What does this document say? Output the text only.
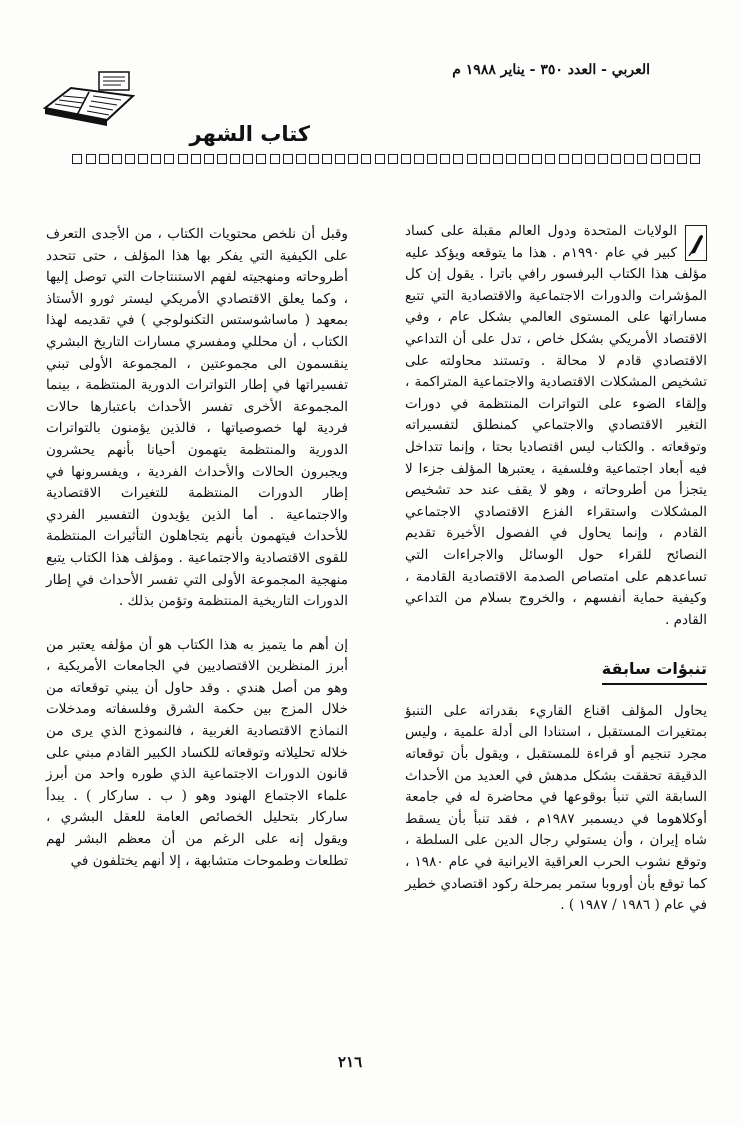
العربي - العدد ٣٥٠ - يناير ١٩٨٨ م
كتاب الشهر

الولايات المتحدة ودول العالم مقبلة على كساد كبير في عام ١٩٩٠م . هذا ما يتوقعه ويؤكد عليه مؤلف هذا الكتاب البرفسور رافي باترا . يقول إن كل المؤشرات والدورات الاجتماعية والاقتصادية التي تتبع مساراتها على المستوى العالمي بشكل عام ، وفي الاقتصاد الأمريكي بشكل خاص ، تدل على أن التداعي الاقتصادي قادم لا محالة . وتستند محاولته على تشخيص المشكلات الاقتصادية والاجتماعية المتراكمة ، وإلقاء الضوء على التواترات المنتظمة في دورات التغير الاقتصادي والاجتماعي كمنطلق لتفسيراته وتوقعاته . والكتاب ليس اقتصاديا بحتا ، وإنما تتداخل فيه أبعاد اجتماعية وفلسفية ، يعتبرها المؤلف جزءا لا يتجزأ من أطروحاته ، وهو لا يقف عند حد تشخيص المشكلات واستقراء الفزع الاقتصادي الاجتماعي القادم ، وإنما يحاول في الفصول الأخيرة تقديم النصائح للقراء حول الوسائل والاجراءات التي تساعدهم على امتصاص الصدمة الاقتصادية القادمة ، وكيفية حماية أنفسهم ، والخروج بسلام من التداعي القادم .

تنبؤات سابقة

يحاول المؤلف اقناع القاريء بقدراته على التنبؤ بمتغيرات المستقبل ، استنادا الى أدلة علمية ، وليس مجرد تنجيم أو قراءة للمستقبل ، ويقول بأن توقعاته الدقيقة تحققت بشكل مدهش في العديد من الأحداث السابقة التي تنبأ بوقوعها في محاضرة له في جامعة أوكلاهوما في ديسمبر ١٩٨٧م ، فقد تنبأ بأن يسقط شاه إيران ، وأن يستولي رجال الدين على السلطة ، وتوقع نشوب الحرب العراقية الايرانية في عام ١٩٨٠ ، كما توقع بأن أوروبا ستمر بمرحلة ركود اقتصادي خطير في عام ( ١٩٨٦ / ١٩٨٧ ) .

وقبل أن نلخص محتويات الكتاب ، من الأجدى التعرف على الكيفية التي يفكر بها هذا المؤلف ، حتى تتحدد أطروحاته ومنهجيته لفهم الاستنتاجات التي توصل إليها ، وكما يعلق الاقتصادي الأمريكي ليستر ثورو الأستاذ بمعهد ( ماساشوستس التكنولوجي ) في تقديمه لهذا الكتاب ، أن محللي ومفسري مسارات التاريخ البشري ينقسمون الى مجموعتين ، المجموعة الأولى تبني تفسيراتها في إطار التواترات الدورية المنتظمة ، بينما المجموعة الأخرى تفسر الأحداث باعتبارها حالات فردية لها خصوصياتها ، فالذين يؤمنون بالتواترات الدورية والمنتظمة يتهمون أحيانا بأنهم يحشرون ويجبرون الحالات والأحداث الفردية ، ويفسرونها في إطار الدورات المنتظمة للتغيرات الاقتصادية والاجتماعية . أما الذين يؤيدون التفسير الفردي للأحداث فيتهمون بأنهم يتجاهلون التأثيرات المنتظمة للقوى الاقتصادية والاجتماعية . ومؤلف هذا الكتاب يتبع منهجية المجموعة الأولى التي تفسر الأحداث في إطار الدورات التاريخية المنتظمة وتؤمن بذلك .

إن أهم ما يتميز به هذا الكتاب هو أن مؤلفه يعتبر من أبرز المنظرين الاقتصاديين في الجامعات الأمريكية ، وهو من أصل هندي . وقد حاول أن يبني توقعاته من خلال المزج بين حكمة الشرق وفلسفاته ومدخلات النماذج الاقتصادية الغربية ، فالنموذج الذي يرى من خلاله تحليلاته وتوقعاته للكساد الكبير القادم مبني على قانون الدورات الاجتماعية الذي طوره واحد من أبرز علماء الاجتماع الهنود وهو ( ب . ساركار ) . يبدأ ساركار بتحليل الخصائص العامة للعقل البشري ، ويقول إنه على الرغم من أن معظم البشر لهم تطلعات وطموحات متشابهة ، إلا أنهم يختلفون في

٢١٦
